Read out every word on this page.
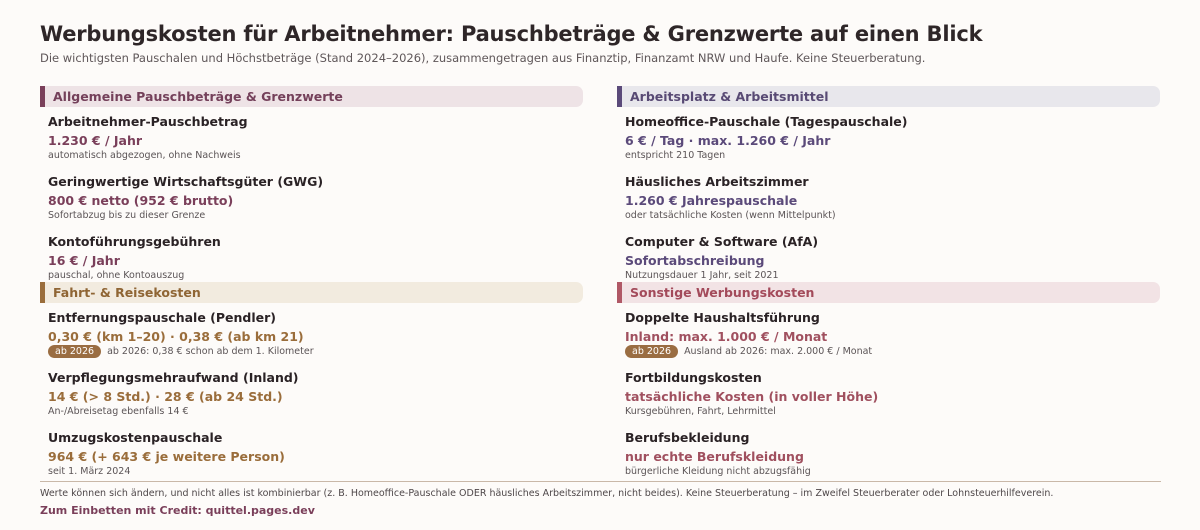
Werbungskosten für Arbeitnehmer: Pauschbeträge & Grenzwerte auf einen Blick
Die wichtigsten Pauschalen und Höchstbeträge (Stand 2024–2026), zusammengetragen aus Finanztip, Finanzamt NRW und Haufe. Keine Steuerberatung.
Allgemeine Pauschbeträge & Grenzwerte
Arbeitnehmer-Pauschbetrag
1.230 € / Jahr
automatisch abgezogen, ohne Nachweis
Geringwertige Wirtschaftsgüter (GWG)
800 € netto (952 € brutto)
Sofortabzug bis zu dieser Grenze
Kontoführungsgebühren
16 € / Jahr
pauschal, ohne Kontoauszug
Arbeitsplatz & Arbeitsmittel
Homeoffice-Pauschale (Tagespauschale)
6 € / Tag · max. 1.260 € / Jahr
entspricht 210 Tagen
Häusliches Arbeitszimmer
1.260 € Jahrespauschale
oder tatsächliche Kosten (wenn Mittelpunkt)
Computer & Software (AfA)
Sofortabschreibung
Nutzungsdauer 1 Jahr, seit 2021
Fahrt- & Reisekosten
Entfernungspauschale (Pendler)
0,30 € (km 1–20) · 0,38 € (ab km 21)
ab 2026 ab 2026: 0,38 € schon ab dem 1. Kilometer
Verpflegungsmehraufwand (Inland)
14 € (> 8 Std.) · 28 € (ab 24 Std.)
An-/Abreisetag ebenfalls 14 €
Umzugskostenpauschale
964 € (+ 643 € je weitere Person)
seit 1. März 2024
Sonstige Werbungskosten
Doppelte Haushaltsführung
Inland: max. 1.000 € / Monat
ab 2026 Ausland ab 2026: max. 2.000 € / Monat
Fortbildungskosten
tatsächliche Kosten (in voller Höhe)
Kursgebühren, Fahrt, Lehrmittel
Berufsbekleidung
nur echte Berufskleidung
bürgerliche Kleidung nicht abzugsfähig
Werte können sich ändern, und nicht alles ist kombinierbar (z. B. Homeoffice-Pauschale ODER häusliches Arbeitszimmer, nicht beides). Keine Steuerberatung – im Zweifel Steuerberater oder Lohnsteuerhilfeverein.
Zum Einbetten mit Credit: quittel.pages.dev
